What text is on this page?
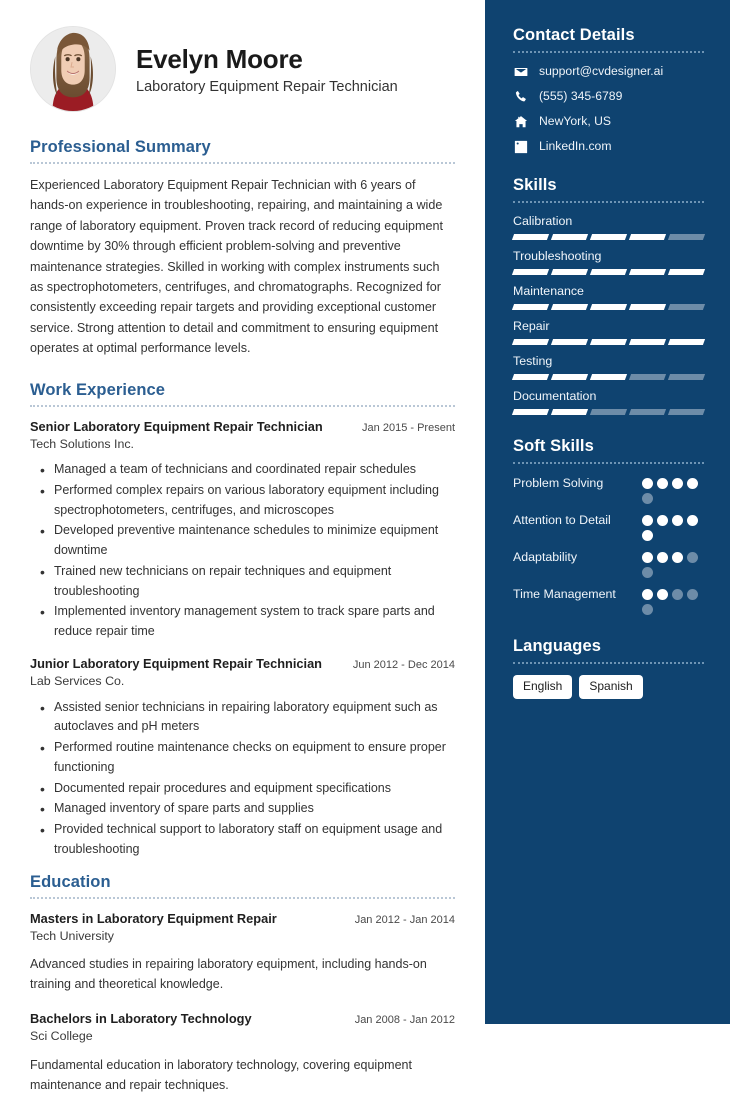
Evelyn Moore
Laboratory Equipment Repair Technician
Professional Summary
Experienced Laboratory Equipment Repair Technician with 6 years of hands-on experience in troubleshooting, repairing, and maintaining a wide range of laboratory equipment. Proven track record of reducing equipment downtime by 30% through efficient problem-solving and preventive maintenance strategies. Skilled in working with complex instruments such as spectrophotometers, centrifuges, and chromatographs. Recognized for consistently exceeding repair targets and providing exceptional customer service. Strong attention to detail and commitment to ensuring equipment operates at optimal performance levels.
Work Experience
Senior Laboratory Equipment Repair Technician	Jan 2015 - Present
Tech Solutions Inc.
• Managed a team of technicians and coordinated repair schedules
• Performed complex repairs on various laboratory equipment including spectrophotometers, centrifuges, and microscopes
• Developed preventive maintenance schedules to minimize equipment downtime
• Trained new technicians on repair techniques and equipment troubleshooting
• Implemented inventory management system to track spare parts and reduce repair time
Junior Laboratory Equipment Repair Technician	Jun 2012 - Dec 2014
Lab Services Co.
• Assisted senior technicians in repairing laboratory equipment such as autoclaves and pH meters
• Performed routine maintenance checks on equipment to ensure proper functioning
• Documented repair procedures and equipment specifications
• Managed inventory of spare parts and supplies
• Provided technical support to laboratory staff on equipment usage and troubleshooting
Education
Masters in Laboratory Equipment Repair	Jan 2012 - Jan 2014
Tech University
Advanced studies in repairing laboratory equipment, including hands-on training and theoretical knowledge.
Bachelors in Laboratory Technology	Jan 2008 - Jan 2012
Sci College
Fundamental education in laboratory technology, covering equipment maintenance and repair techniques.
Contact Details
support@cvdesigner.ai
(555) 345-6789
NewYork, US
LinkedIn.com
Skills
Calibration
Troubleshooting
Maintenance
Repair
Testing
Documentation
Soft Skills
Problem Solving
Attention to Detail
Adaptability
Time Management
Languages
English	Spanish
